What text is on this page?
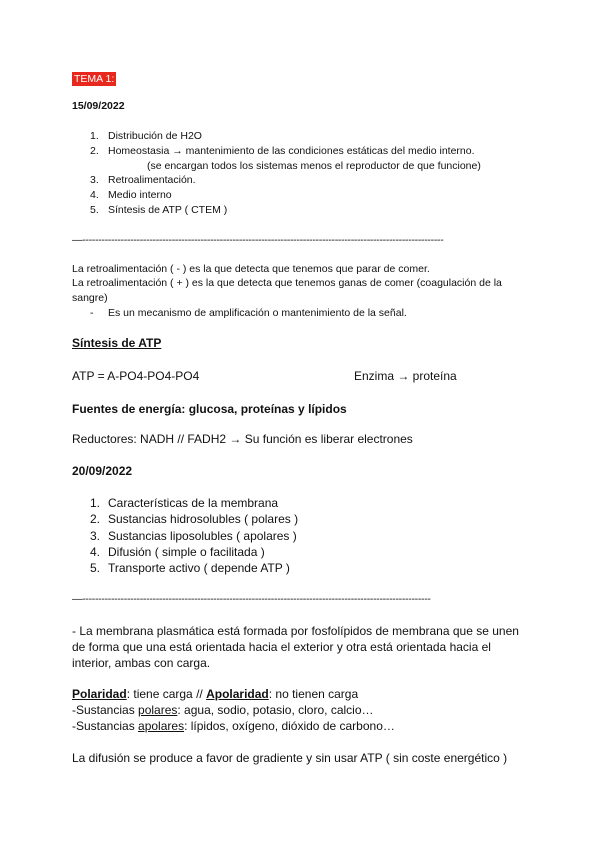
TEMA 1:
15/09/2022
1. Distribución de H2O
2. Homeostasia → mantenimiento de las condiciones estáticas del medio interno.
(se encargan todos los sistemas menos el reproductor de que funcione)
3. Retroalimentación.
4. Medio interno
5. Síntesis de ATP ( CTEM )
—-----------------------------------------------------------------------------------------------------------------
La retroalimentación ( - ) es la que detecta que tenemos que parar de comer.
La retroalimentación ( + ) es la que detecta que tenemos ganas de comer (coagulación de la
sangre)
- Es un mecanismo de amplificación o mantenimiento de la señal.
Síntesis de ATP
ATP = A-PO4-PO4-PO4	Enzima → proteína
Fuentes de energía: glucosa, proteínas y lípidos
Reductores: NADH // FADH2 → Su función es liberar electrones
20/09/2022
1. Características de la membrana
2. Sustancias hidrosolubles ( polares )
3. Sustancias liposolubles ( apolares )
4. Difusión ( simple o facilitada )
5. Transporte activo ( depende ATP )
—-------------------------------------------------------------------------------------------------------------
- La membrana plasmática está formada por fosfolípidos de membrana que se unen
de forma que una está orientada hacia el exterior y otra está orientada hacia el
interior, ambas con carga.
Polaridad: tiene carga // Apolaridad: no tienen carga
-Sustancias polares: agua, sodio, potasio, cloro, calcio…
-Sustancias apolares: lípidos, oxígeno, dióxido de carbono…
La difusión se produce a favor de gradiente y sin usar ATP ( sin coste energético )
